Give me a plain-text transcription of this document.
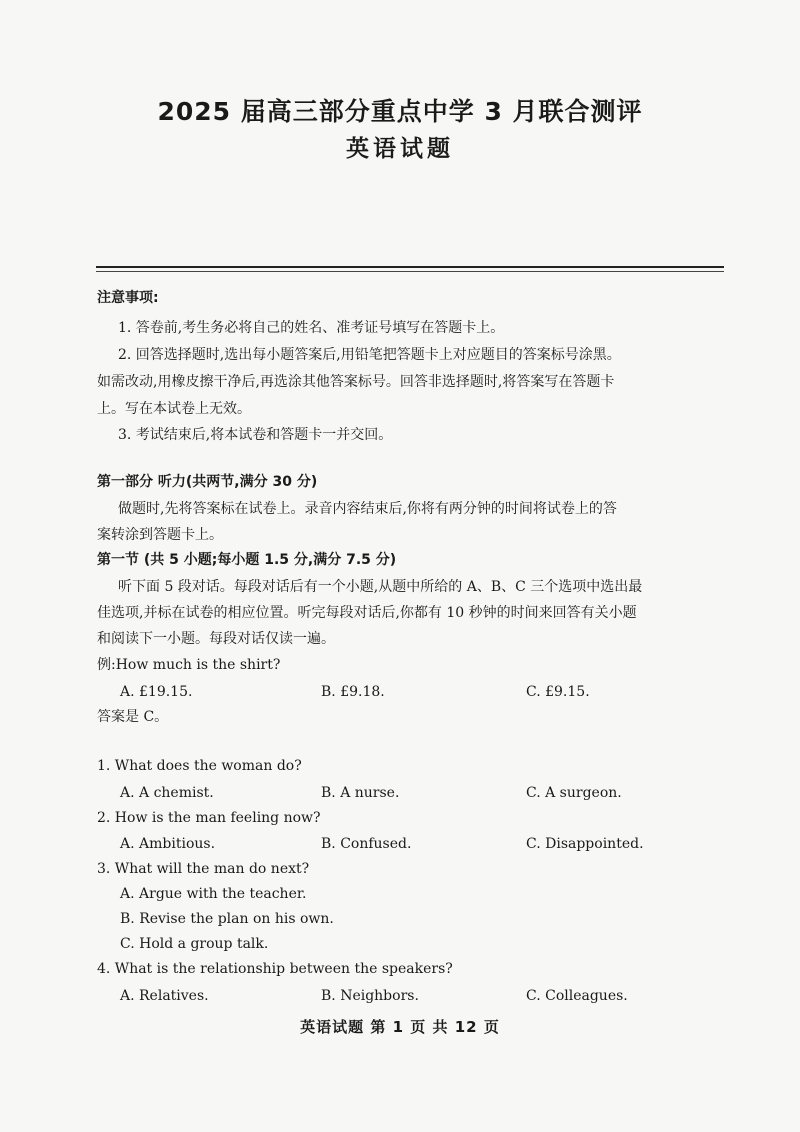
2025 届高三部分重点中学 3 月联合测评
英语试题
注意事项:
1. 答卷前,考生务必将自己的姓名、准考证号填写在答题卡上。
2. 回答选择题时,选出每小题答案后,用铅笔把答题卡上对应题目的答案标号涂黑。
如需改动,用橡皮擦干净后,再选涂其他答案标号。回答非选择题时,将答案写在答题卡
上。写在本试卷上无效。
3. 考试结束后,将本试卷和答题卡一并交回。
第一部分 听力(共两节,满分 30 分)
做题时,先将答案标在试卷上。录音内容结束后,你将有两分钟的时间将试卷上的答
案转涂到答题卡上。
第一节 (共 5 小题;每小题 1.5 分,满分 7.5 分)
听下面 5 段对话。每段对话后有一个小题,从题中所给的 A、B、C 三个选项中选出最
佳选项,并标在试卷的相应位置。听完每段对话后,你都有 10 秒钟的时间来回答有关小题
和阅读下一小题。每段对话仅读一遍。
例:How much is the shirt?
A. £19.15.	B. £9.18.	C. £9.15.
答案是 C。
1. What does the woman do?
A. A chemist.	B. A nurse.	C. A surgeon.
2. How is the man feeling now?
A. Ambitious.	B. Confused.	C. Disappointed.
3. What will the man do next?
A. Argue with the teacher.
B. Revise the plan on his own.
C. Hold a group talk.
4. What is the relationship between the speakers?
A. Relatives.	B. Neighbors.	C. Colleagues.
英语试题 第 1 页 共 12 页
